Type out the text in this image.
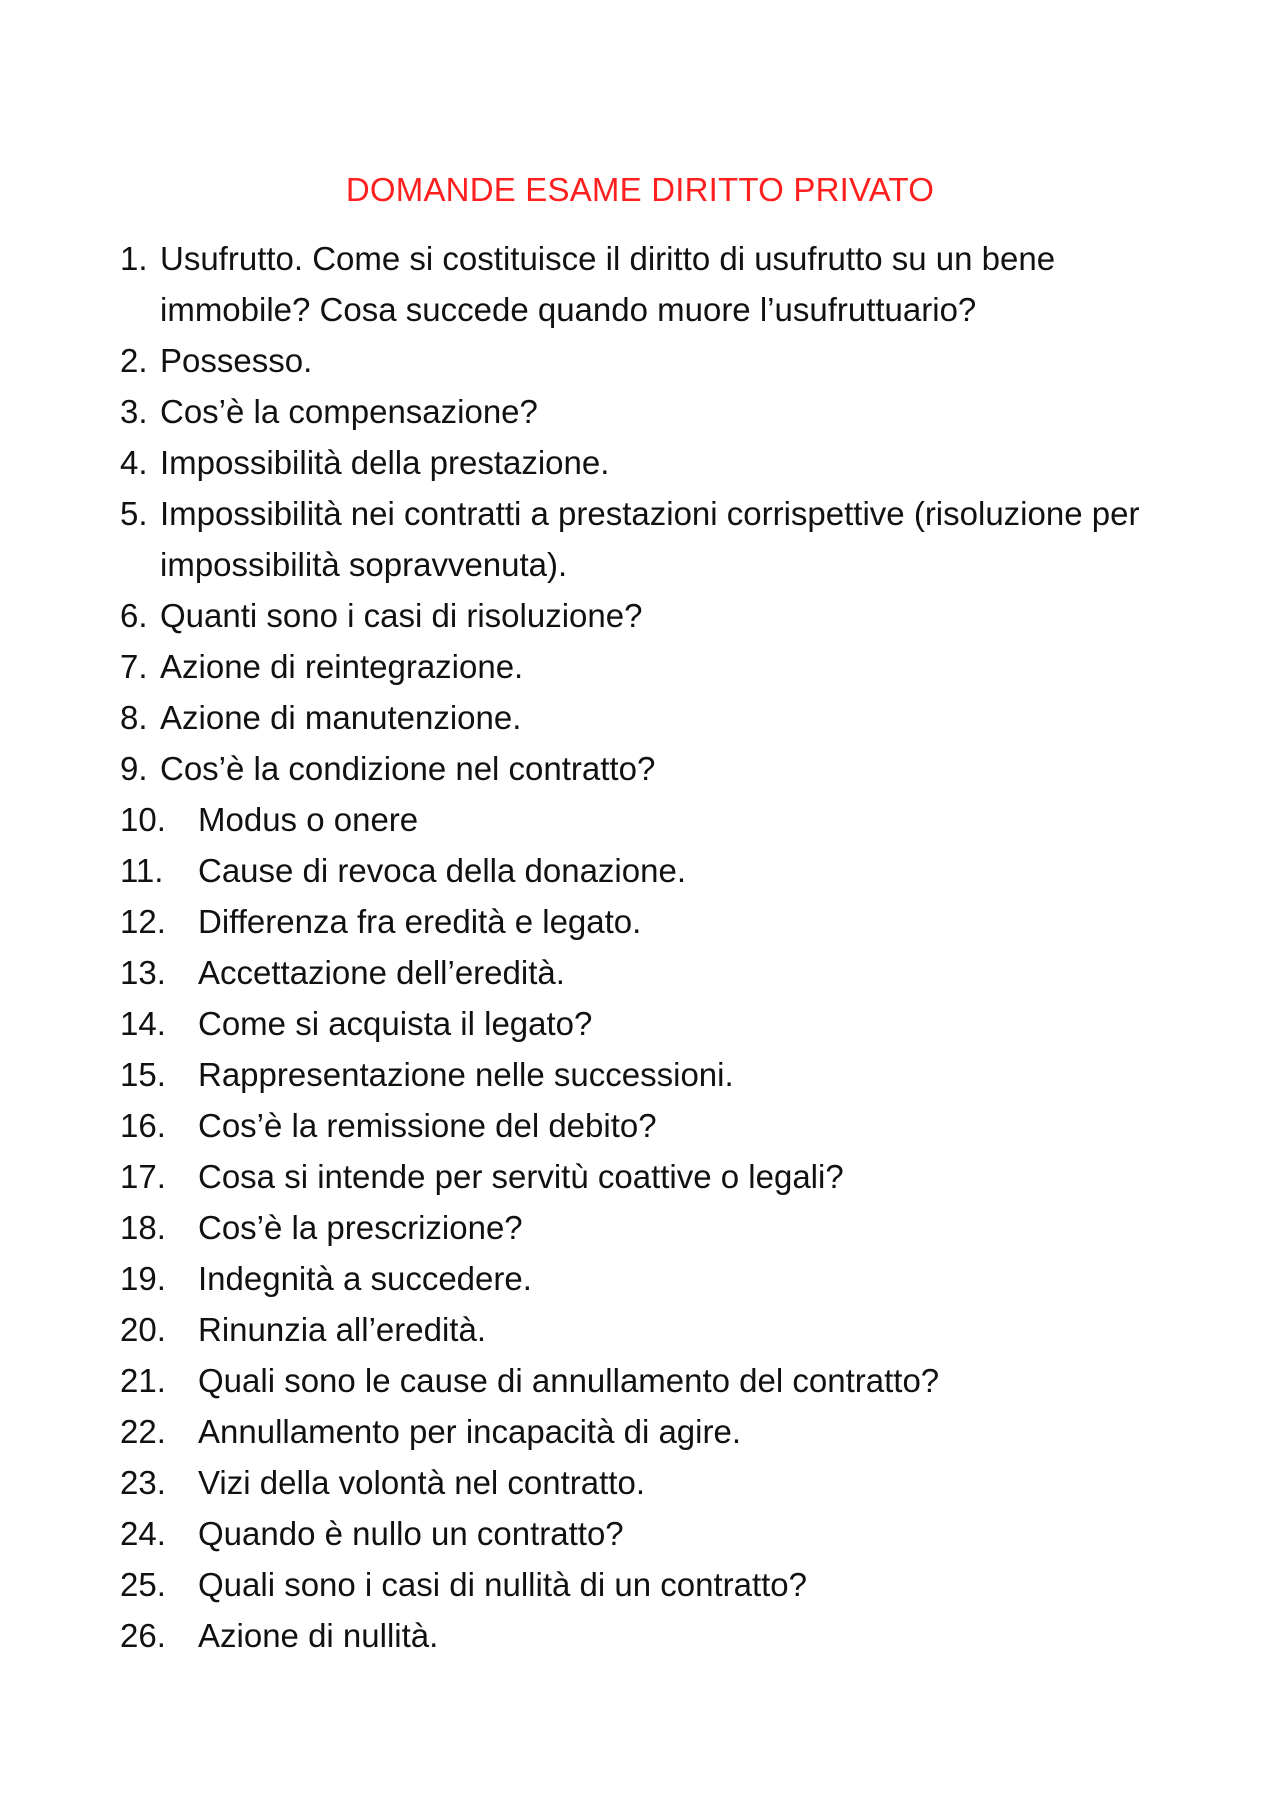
DOMANDE ESAME DIRITTO PRIVATO
1. Usufrutto. Come si costituisce il diritto di usufrutto su un bene immobile? Cosa succede quando muore l’usufruttuario?
2. Possesso.
3. Cos’è la compensazione?
4. Impossibilità della prestazione.
5. Impossibilità nei contratti a prestazioni corrispettive (risoluzione per impossibilità sopravvenuta).
6. Quanti sono i casi di risoluzione?
7. Azione di reintegrazione.
8. Azione di manutenzione.
9. Cos’è la condizione nel contratto?
10. Modus o onere
11.	Cause di revoca della donazione.
12. Differenza fra eredità e legato.
13. Accettazione dell’eredità.
14. Come si acquista il legato?
15. Rappresentazione nelle successioni.
16. Cos’è la remissione del debito?
17. Cosa si intende per servitù coattive o legali?
18. Cos’è la prescrizione?
19. Indegnità a succedere.
20. Rinunzia all’eredità.
21. Quali sono le cause di annullamento del contratto?
22. Annullamento per incapacità di agire.
23. Vizi della volontà nel contratto.
24. Quando è nullo un contratto?
25. Quali sono i casi di nullità di un contratto?
26. Azione di nullità.
